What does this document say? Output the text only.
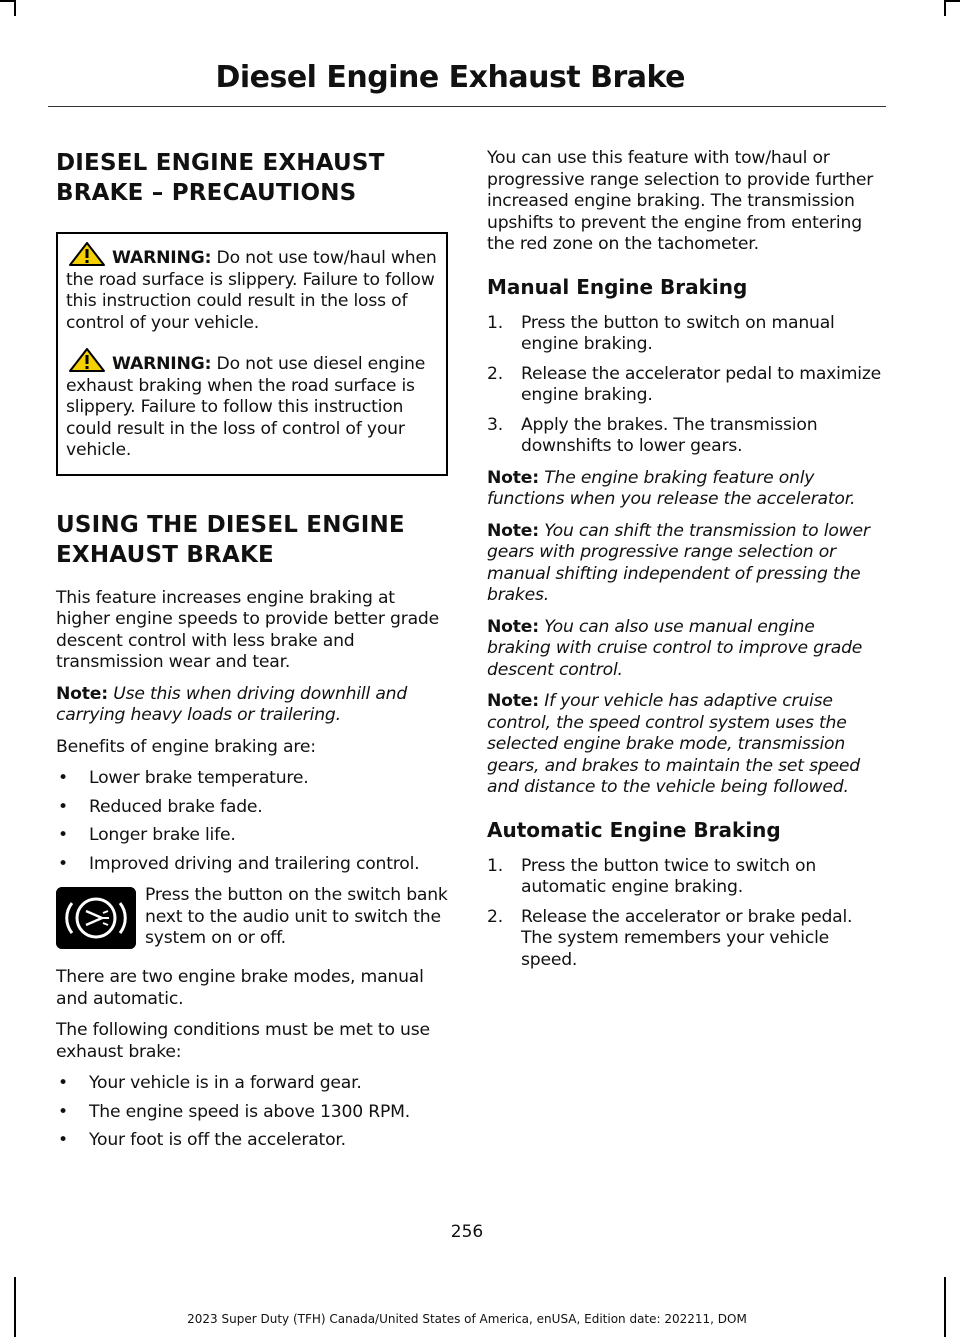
Diesel Engine Exhaust Brake
DIESEL ENGINE EXHAUST
BRAKE – PRECAUTIONS

WARNING: Do not use tow/haul when the road surface is slippery. Failure to follow this instruction could result in the loss of control of your vehicle.

WARNING: Do not use diesel engine exhaust braking when the road surface is slippery. Failure to follow this instruction could result in the loss of control of your vehicle.

USING THE DIESEL ENGINE
EXHAUST BRAKE

This feature increases engine braking at higher engine speeds to provide better grade descent control with less brake and transmission wear and tear.

Note: Use this when driving downhill and carrying heavy loads or trailering.

Benefits of engine braking are:

• Lower brake temperature.
• Reduced brake fade.
• Longer brake life.
• Improved driving and trailering control.

Press the button on the switch bank next to the audio unit to switch the system on or off.

There are two engine brake modes, manual and automatic.

The following conditions must be met to use exhaust brake:

• Your vehicle is in a forward gear.
• The engine speed is above 1300 RPM.
• Your foot is off the accelerator.

You can use this feature with tow/haul or progressive range selection to provide further increased engine braking. The transmission upshifts to prevent the engine from entering the red zone on the tachometer.

Manual Engine Braking
1. Press the button to switch on manual engine braking.
2. Release the accelerator pedal to maximize engine braking.
3. Apply the brakes. The transmission downshifts to lower gears.

Note: The engine braking feature only functions when you release the accelerator.

Note: You can shift the transmission to lower gears with progressive range selection or manual shifting independent of pressing the brakes.

Note: You can also use manual engine braking with cruise control to improve grade descent control.

Note: If your vehicle has adaptive cruise control, the speed control system uses the selected engine brake mode, transmission gears, and brakes to maintain the set speed and distance to the vehicle being followed.

Automatic Engine Braking
1. Press the button twice to switch on automatic engine braking.
2. Release the accelerator or brake pedal. The system remembers your vehicle speed.
256
2023 Super Duty (TFH) Canada/United States of America, enUSA, Edition date: 202211, DOM
